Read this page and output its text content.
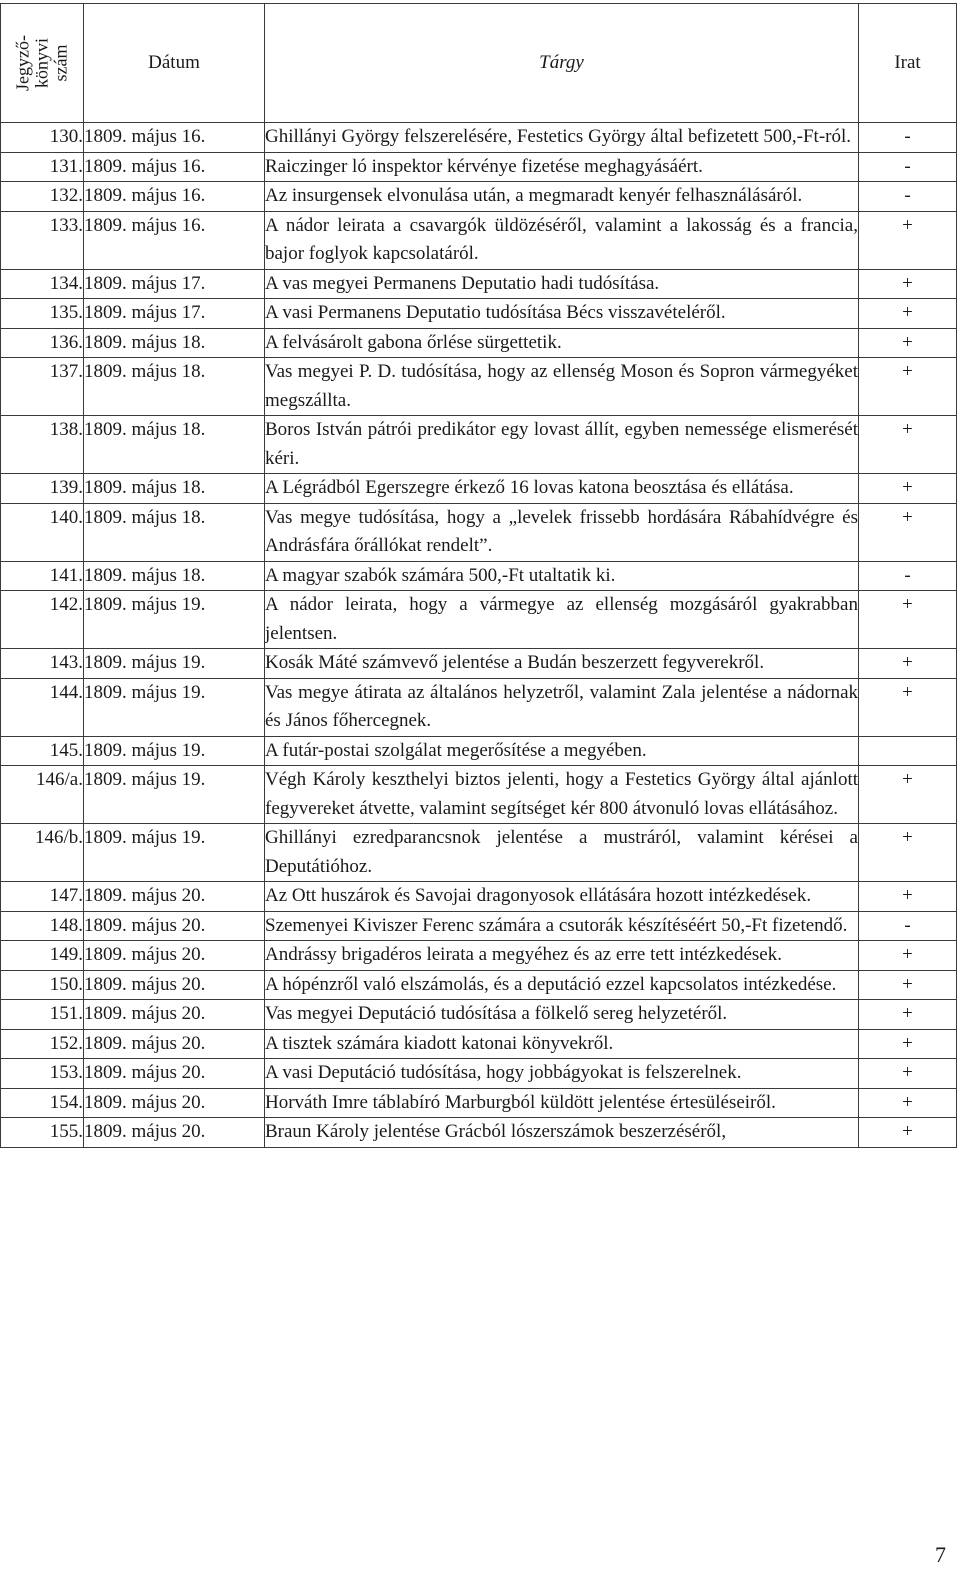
Jegyző-
könyvi
szám	Dátum	Tárgy	Irat
130.	1809. május 16.	Ghillányi György felszerelésére, Festetics György által befizetett 500,-Ft-ról.	-
131.	1809. május 16.	Raiczinger ló inspektor kérvénye fizetése meghagyásáért.	-
132.	1809. május 16.	Az insurgensek elvonulása után, a megmaradt kenyér felhasználásáról.	-
133.	1809. május 16.	A nádor leirata a csavargók üldözéséről, valamint a lakosság és a francia, bajor foglyok kapcsolatáról.	+
134.	1809. május 17.	A vas megyei Permanens Deputatio hadi tudósítása.	+
135.	1809. május 17.	A vasi Permanens Deputatio tudósítása Bécs visszavételéről.	+
136.	1809. május 18.	A felvásárolt gabona őrlése sürgettetik.	+
137.	1809. május 18.	Vas megyei P. D. tudósítása, hogy az ellenség Moson és Sopron vármegyéket megszállta.	+
138.	1809. május 18.	Boros István pátrói predikátor egy lovast állít, egyben nemessége elismerését kéri.	+
139.	1809. május 18.	A Légrádból Egerszegre érkező 16 lovas katona beosztása és ellátása.	+
140.	1809. május 18.	Vas megye tudósítása, hogy a „levelek frissebb hordására Rábahídvégre és Andrásfára őrállókat rendelt”.	+
141.	1809. május 18.	A magyar szabók számára 500,-Ft utaltatik ki.	-
142.	1809. május 19.	A nádor leirata, hogy a vármegye az ellenség mozgásáról gyakrabban jelentsen.	+
143.	1809. május 19.	Kosák Máté számvevő jelentése a Budán beszerzett fegyverekről.	+
144.	1809. május 19.	Vas megye átirata az általános helyzetről, valamint Zala jelentése a nádornak és János főhercegnek.	+
145.	1809. május 19.	A futár-postai szolgálat megerősítése a megyében.	
146/a.	1809. május 19.	Végh Károly keszthelyi biztos jelenti, hogy a Festetics György által ajánlott fegyvereket átvette, valamint segítséget kér 800 átvonuló lovas ellátásához.	+
146/b.	1809. május 19.	Ghillányi ezredparancsnok jelentése a mustráról, valamint kérései a Deputátióhoz.	+
147.	1809. május 20.	Az Ott huszárok és Savojai dragonyosok ellátására hozott intézkedések.	+
148.	1809. május 20.	Szemenyei Kiviszer Ferenc számára a csutorák készítéséért 50,-Ft fizetendő.	-
149.	1809. május 20.	Andrássy brigadéros leirata a megyéhez és az erre tett intézkedések.	+
150.	1809. május 20.	A hópénzről való elszámolás, és a deputáció ezzel kapcsolatos intézkedése.	+
151.	1809. május 20.	Vas megyei Deputáció tudósítása a fölkelő sereg helyzetéről.	+
152.	1809. május 20.	A tisztek számára kiadott katonai könyvekről.	+
153.	1809. május 20.	A vasi Deputáció tudósítása, hogy jobbágyokat is felszerelnek.	+
154.	1809. május 20.	Horváth Imre táblabíró Marburgból küldött jelentése értesüléseiről.	+
155.	1809. május 20.	Braun Károly jelentése Grácból lószerszámok beszerzéséről,	+
7
